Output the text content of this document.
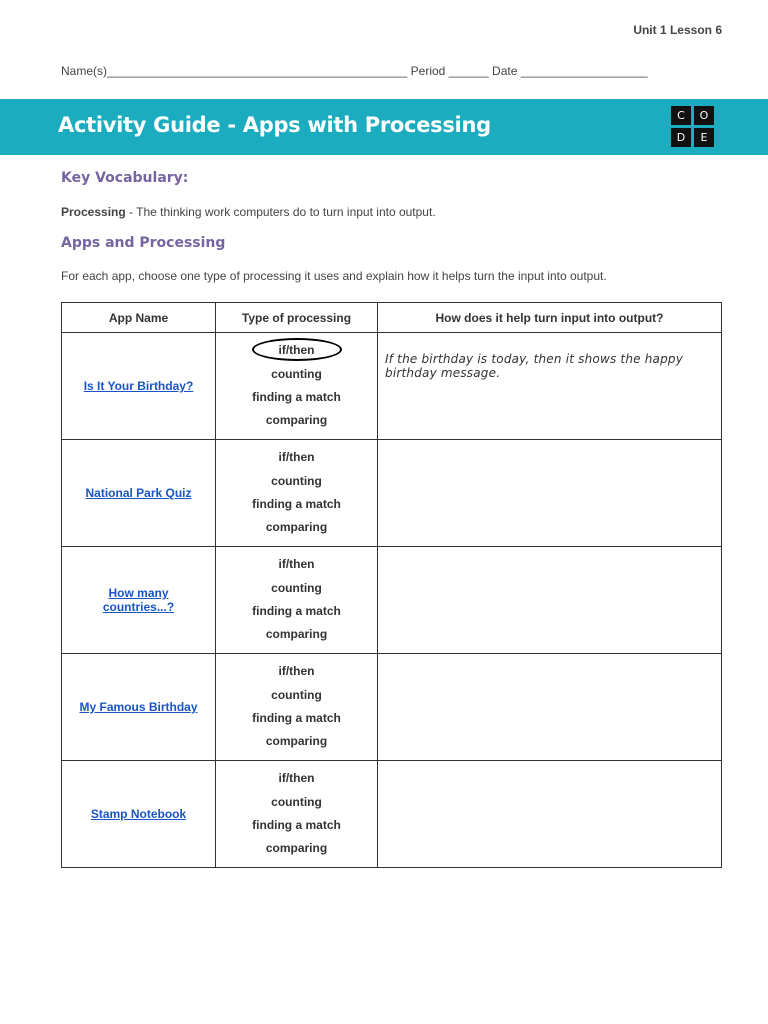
Unit 1 Lesson 6
Name(s)_____________________________________________ Period ______ Date ___________________
Activity Guide - Apps with Processing	C	O
D	E
Key Vocabulary:
Processing - The thinking work computers do to turn input into output.
Apps and Processing
For each app, choose one type of processing it uses and explain how it helps turn the input into output.
App Name	Type of processing	How does it help turn input into output?
Is It Your Birthday?	if/then
counting
finding a match
comparing	If the birthday is today, then it shows the happy birthday message.

National Park Quiz	if/then
counting
finding a match
comparing	

How many countries...?	if/then
counting
finding a match
comparing	

My Famous Birthday	if/then
counting
finding a match
comparing	

Stamp Notebook	if/then
counting
finding a match
comparing	
